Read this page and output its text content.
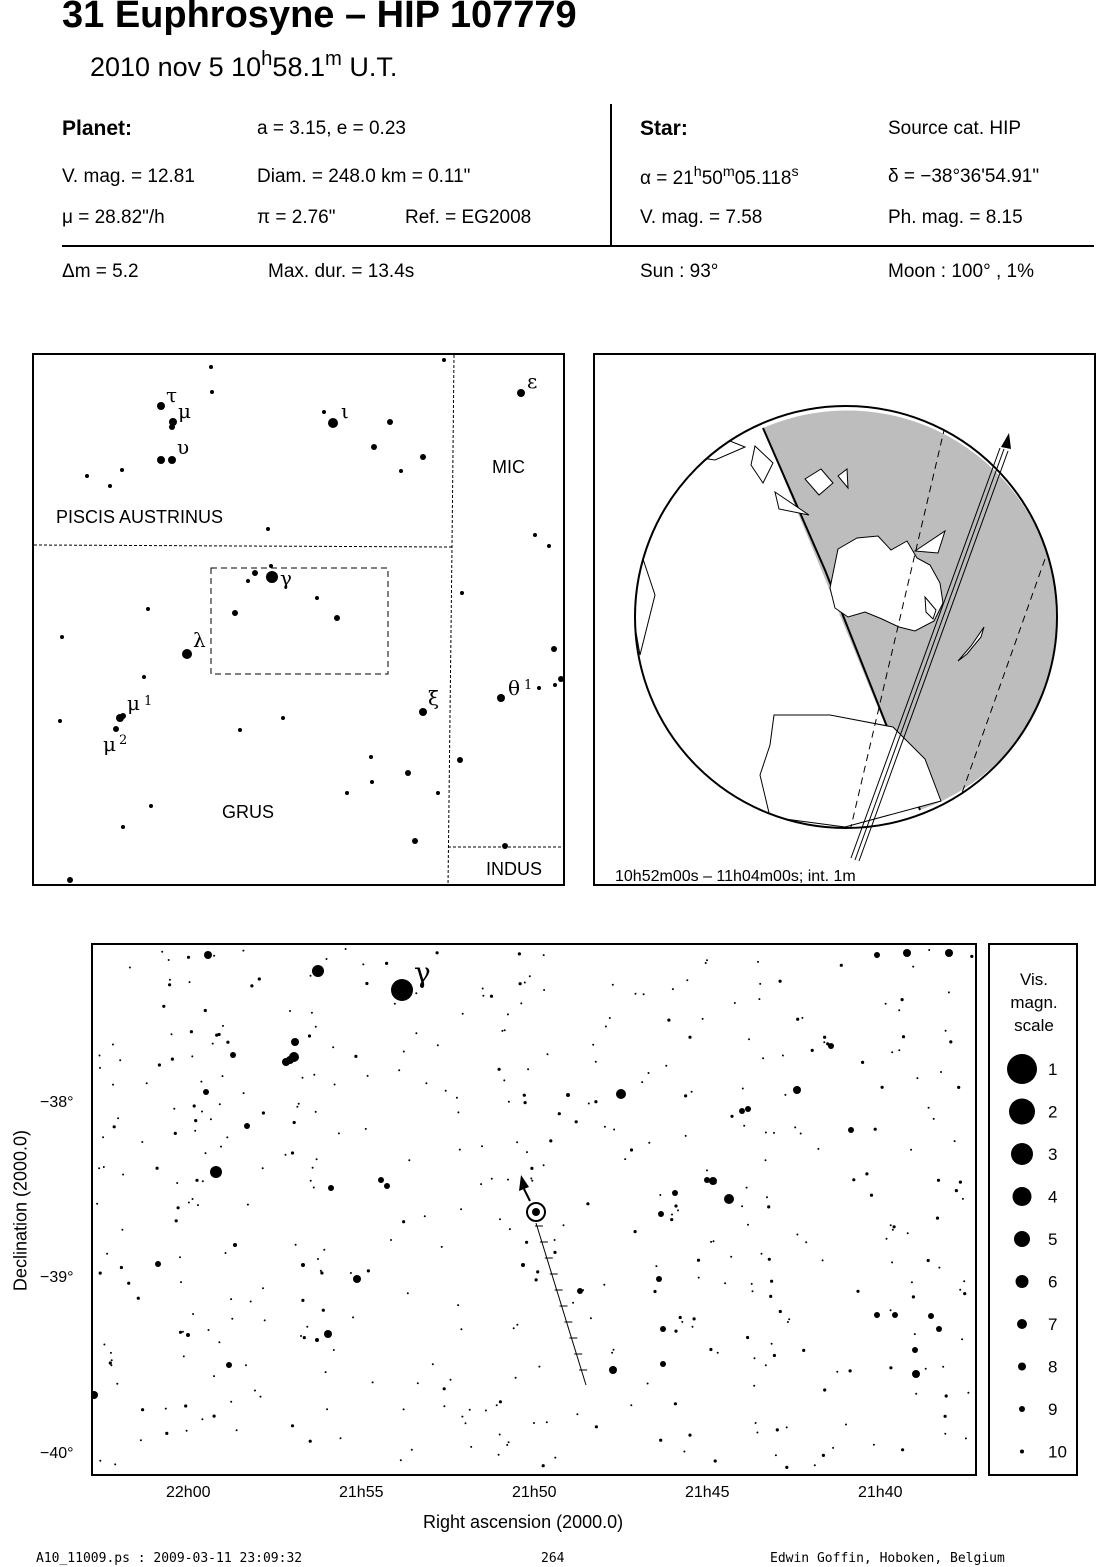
31 Euphrosyne – HIP 107779
2010 nov 5 10$^h$58.1$^m$ U.T.
Planet:	a = 3.15, e = 0.23
V. mag. = 12.81	Diam. = 248.0 km = 0.11"
μ = 28.82"/h	π = 2.76"	Ref. = EG2008
Star:	Source cat. HIP
$\alpha = 21^h50^m05.118^s$	δ = −38°36'54.91"
V. mag. = 7.58	Ph. mag. = 8.15
Δm = 5.2	Max. dur. = 13.4s	Sun : 93°	Moon : 100° , 1%
PISCIS AUSTRINUS
MIC
GRUS
INDUS
τ
μ
υ
ι
ε
γ
λ
μ 1
μ 2
ξ	θ 1
10h52m00s – 11h04m00s; int. 1m
γ
−38°
−39°
−40°
22h00	21h55	21h50	21h45	21h40
Right ascension (2000.0)
Declination (2000.0)
Vis.
magn.
scale
1
2
3
4
5
6
7
8
9
10
A10_11009.ps : 2009-03-11 23:09:32	264	Edwin Goffin, Hoboken, Belgium
